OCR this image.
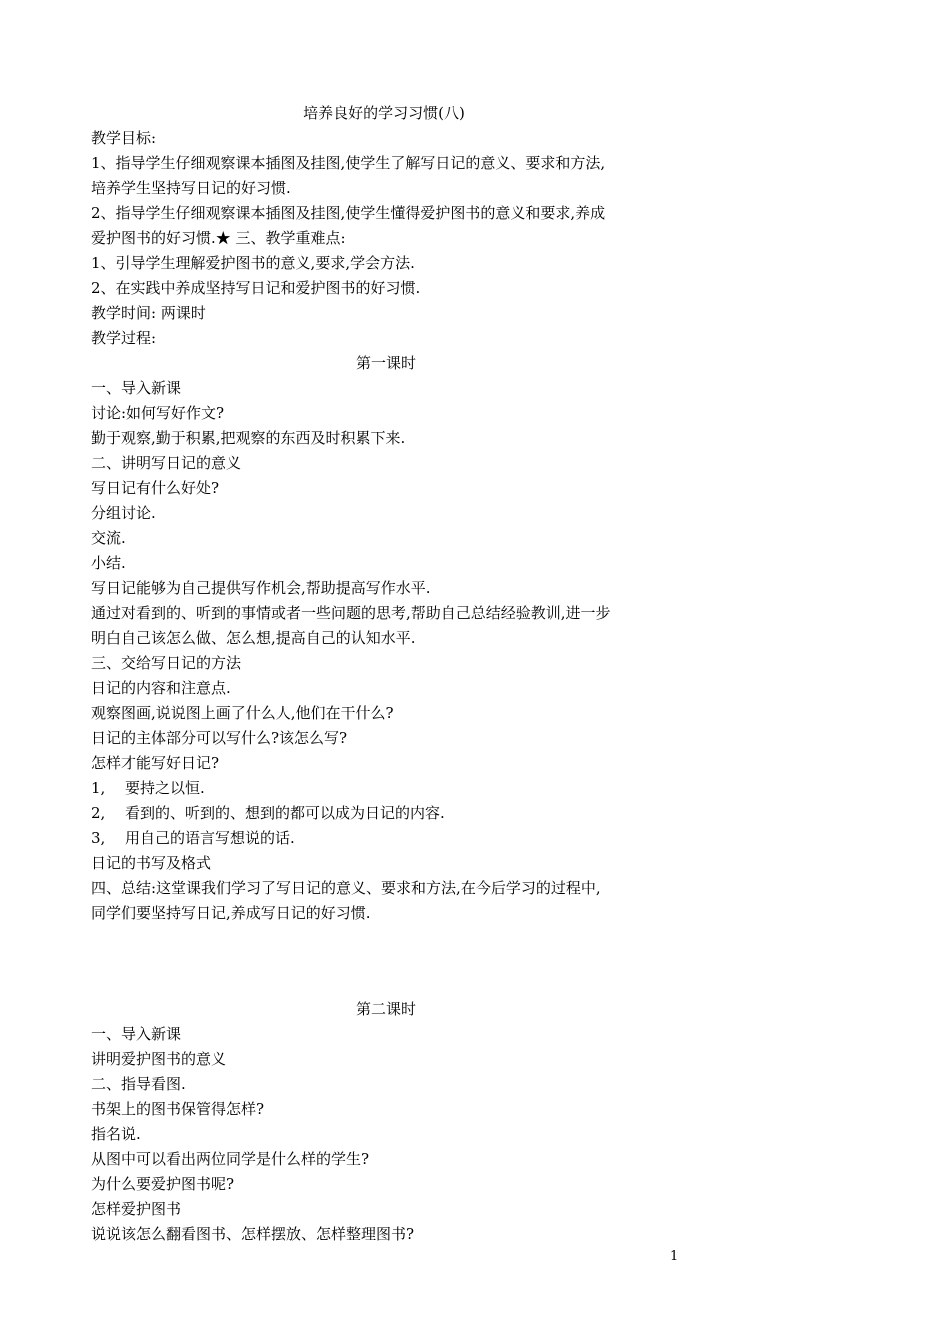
培养良好的学习习惯(八)
教学目标:
1、指导学生仔细观察课本插图及挂图,使学生了解写日记的意义、要求和方法,
培养学生坚持写日记的好习惯.
2、指导学生仔细观察课本插图及挂图,使学生懂得爱护图书的意义和要求,养成
爱护图书的好习惯.★ 三、教学重难点:
1、引导学生理解爱护图书的意义,要求,学会方法.
2、在实践中养成坚持写日记和爱护图书的好习惯.
教学时间: 两课时
教学过程:
第一课时
一、导入新课
讨论:如何写好作文?
勤于观察,勤于积累,把观察的东西及时积累下来.
二、讲明写日记的意义
写日记有什么好处?
分组讨论.
交流.
小结.
写日记能够为自己提供写作机会,帮助提高写作水平.
通过对看到的、听到的事情或者一些问题的思考,帮助自己总结经验教训,进一步
明白自己该怎么做、怎么想,提高自己的认知水平.
三、交给写日记的方法
日记的内容和注意点.
观察图画,说说图上画了什么人,他们在干什么?
日记的主体部分可以写什么?该怎么写?
怎样才能写好日记?
1, 要持之以恒.
2, 看到的、听到的、想到的都可以成为日记的内容.
3, 用自己的语言写想说的话.
日记的书写及格式
四、总结:这堂课我们学习了写日记的意义、要求和方法,在今后学习的过程中,
同学们要坚持写日记,养成写日记的好习惯.
第二课时
一、导入新课
讲明爱护图书的意义
二、指导看图.
书架上的图书保管得怎样?
指名说.
从图中可以看出两位同学是什么样的学生?
为什么要爱护图书呢?
怎样爱护图书
说说该怎么翻看图书、怎样摆放、怎样整理图书?
1
